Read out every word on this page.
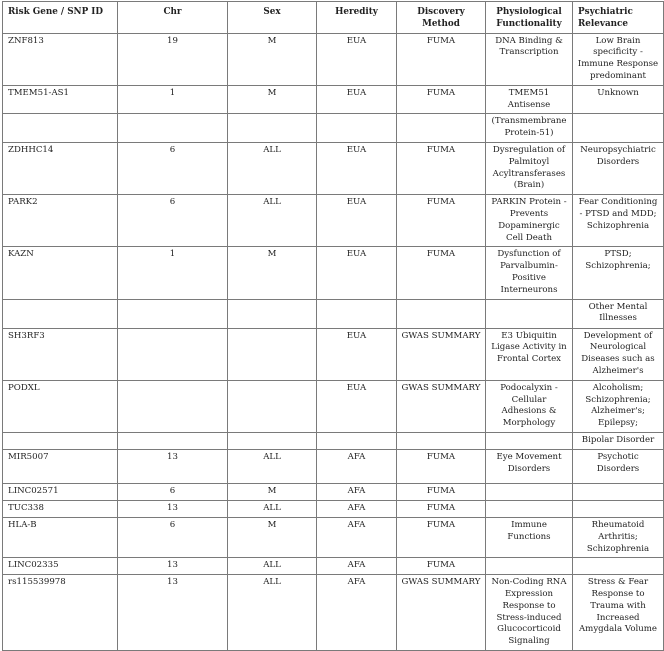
Risk Gene / SNP ID	Chr	Sex	Heredity	Discovery Method	Physiological Functionality	Psychiatric Relevance
ZNF813	19	M	EUA	FUMA	DNA Binding & Transcription	Low Brain specificity - Immune Response predominant
TMEM51-AS1	1	M	EUA	FUMA	TMEM51 Antisense	Unknown
					(Transmembrane Protein-51)	
ZDHHC14	6	ALL	EUA	FUMA	Dysregulation of Palmitoyl Acyltransferases (Brain)	Neuropsychiatric Disorders
PARK2	6	ALL	EUA	FUMA	PARKIN Protein - Prevents Dopaminergic Cell Death	Fear Conditioning - PTSD and MDD; Schizophrenia
KAZN	1	M	EUA	FUMA	Dysfunction of Parvalbumin-Positive Interneurons	PTSD; Schizophrenia;
						Other Mental Illnesses
SH3RF3			EUA	GWAS SUMMARY	E3 Ubiquitin Ligase Activity in Frontal Cortex	Development of Neurological Diseases such as Alzheimer's
PODXL			EUA	GWAS SUMMARY	Podocalyxin - Cellular Adhesions & Morphology	Alcoholism; Schizophrenia; Alzheimer's; Epilepsy;
						Bipolar Disorder
MIR5007	13	ALL	AFA	FUMA	Eye Movement Disorders	Psychotic Disorders
LINC02571	6	M	AFA	FUMA		
TUC338	13	ALL	AFA	FUMA		
HLA-B	6	M	AFA	FUMA	Immune Functions	Rheumatoid Arthritis; Schizophrenia
LINC02335	13	ALL	AFA	FUMA		
rs115539978	13	ALL	AFA	GWAS SUMMARY	Non-Coding RNA Expression Response to Stress-induced Glucocorticoid Signaling	Stress & Fear Response to Trauma with Increased Amygdala Volume
